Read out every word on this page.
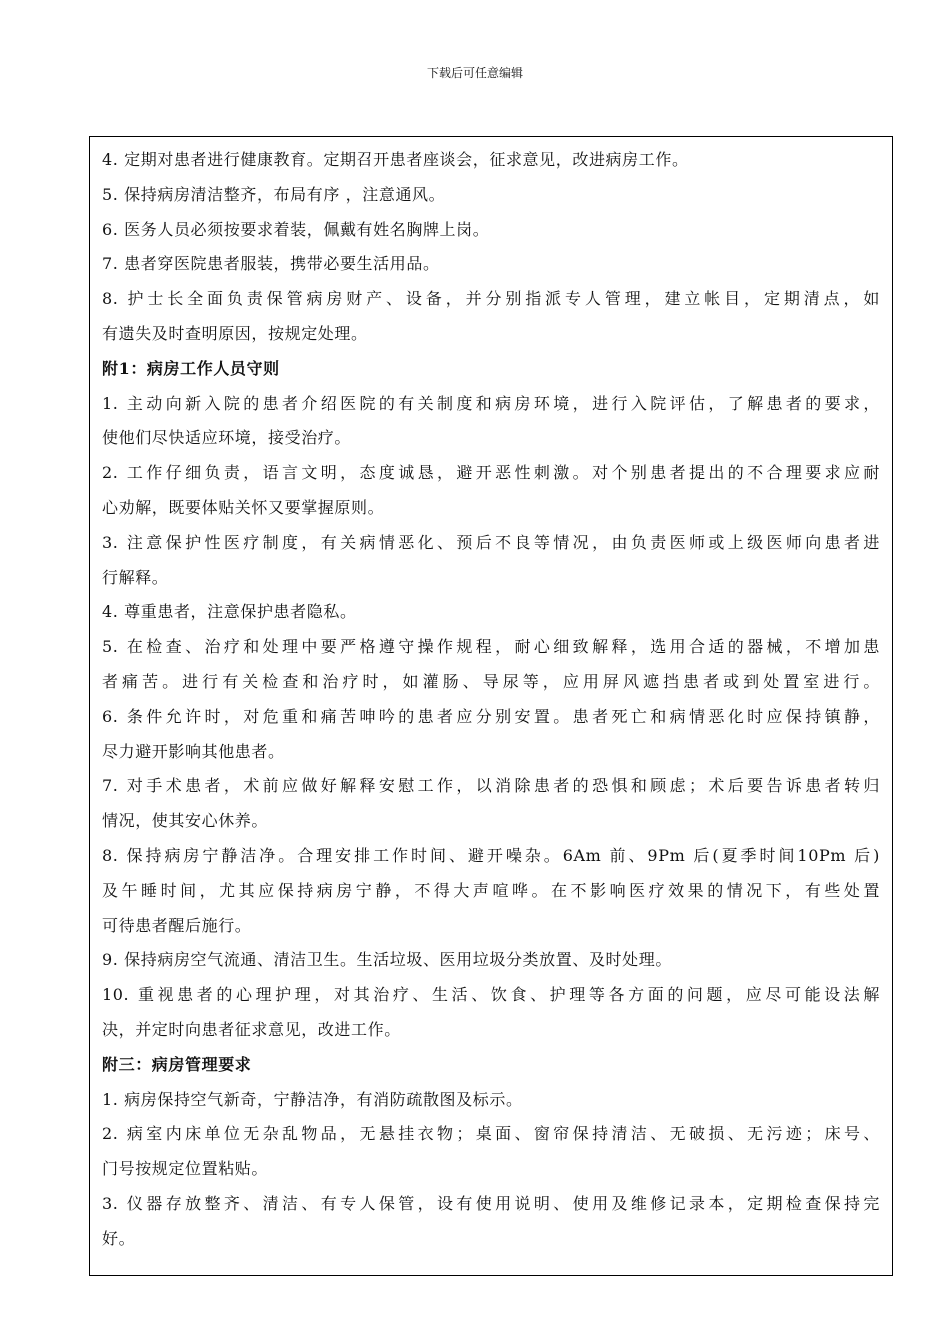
下载后可任意编辑
4. 定期对患者进行健康教育。定期召开患者座谈会，征求意见，改进病房工作。
5. 保持病房清洁整齐，布局有序 ，注意通风。
6. 医务人员必须按要求着装，佩戴有姓名胸牌上岗。
7. 患者穿医院患者服装，携带必要生活用品。
8. 护士长全面负责保管病房财产、设备，并分别指派专人管理，建立帐目，定期清点，如
有遗失及时查明原因，按规定处理。
附1：病房工作人员守则
1. 主动向新入院的患者介绍医院的有关制度和病房环境，进行入院评估，了解患者的要求，
使他们尽快适应环境，接受治疗。
2. 工作仔细负责，语言文明，态度诚恳，避开恶性刺激。对个别患者提出的不合理要求应耐
心劝解，既要体贴关怀又要掌握原则。
3. 注意保护性医疗制度，有关病情恶化、预后不良等情况，由负责医师或上级医师向患者进
行解释。
4. 尊重患者，注意保护患者隐私。
5. 在检查、治疗和处理中要严格遵守操作规程，耐心细致解释，选用合适的器械，不增加患
者痛苦。进行有关检查和治疗时，如灌肠、导尿等，应用屏风遮挡患者或到处置室进行。
6. 条件允许时，对危重和痛苦呻吟的患者应分别安置。患者死亡和病情恶化时应保持镇静，
尽力避开影响其他患者。
7. 对手术患者，术前应做好解释安慰工作，以消除患者的恐惧和顾虑；术后要告诉患者转归
情况，使其安心休养。
8. 保持病房宁静洁净。合理安排工作时间、避开噪杂。6Am 前、9Pm 后(夏季时间10Pm 后)
及午睡时间，尤其应保持病房宁静，不得大声喧哗。在不影响医疗效果的情况下，有些处置
可待患者醒后施行。
9. 保持病房空气流通、清洁卫生。生活垃圾、医用垃圾分类放置、及时处理。
10. 重视患者的心理护理，对其治疗、生活、饮食、护理等各方面的问题，应尽可能设法解
决，并定时向患者征求意见，改进工作。
附三：病房管理要求
1. 病房保持空气新奇，宁静洁净，有消防疏散图及标示。
2. 病室内床单位无杂乱物品，无悬挂衣物；桌面、窗帘保持清洁、无破损、无污迹；床号、
门号按规定位置粘贴。
3. 仪器存放整齐、清洁、有专人保管，设有使用说明、使用及维修记录本，定期检查保持完
好。
